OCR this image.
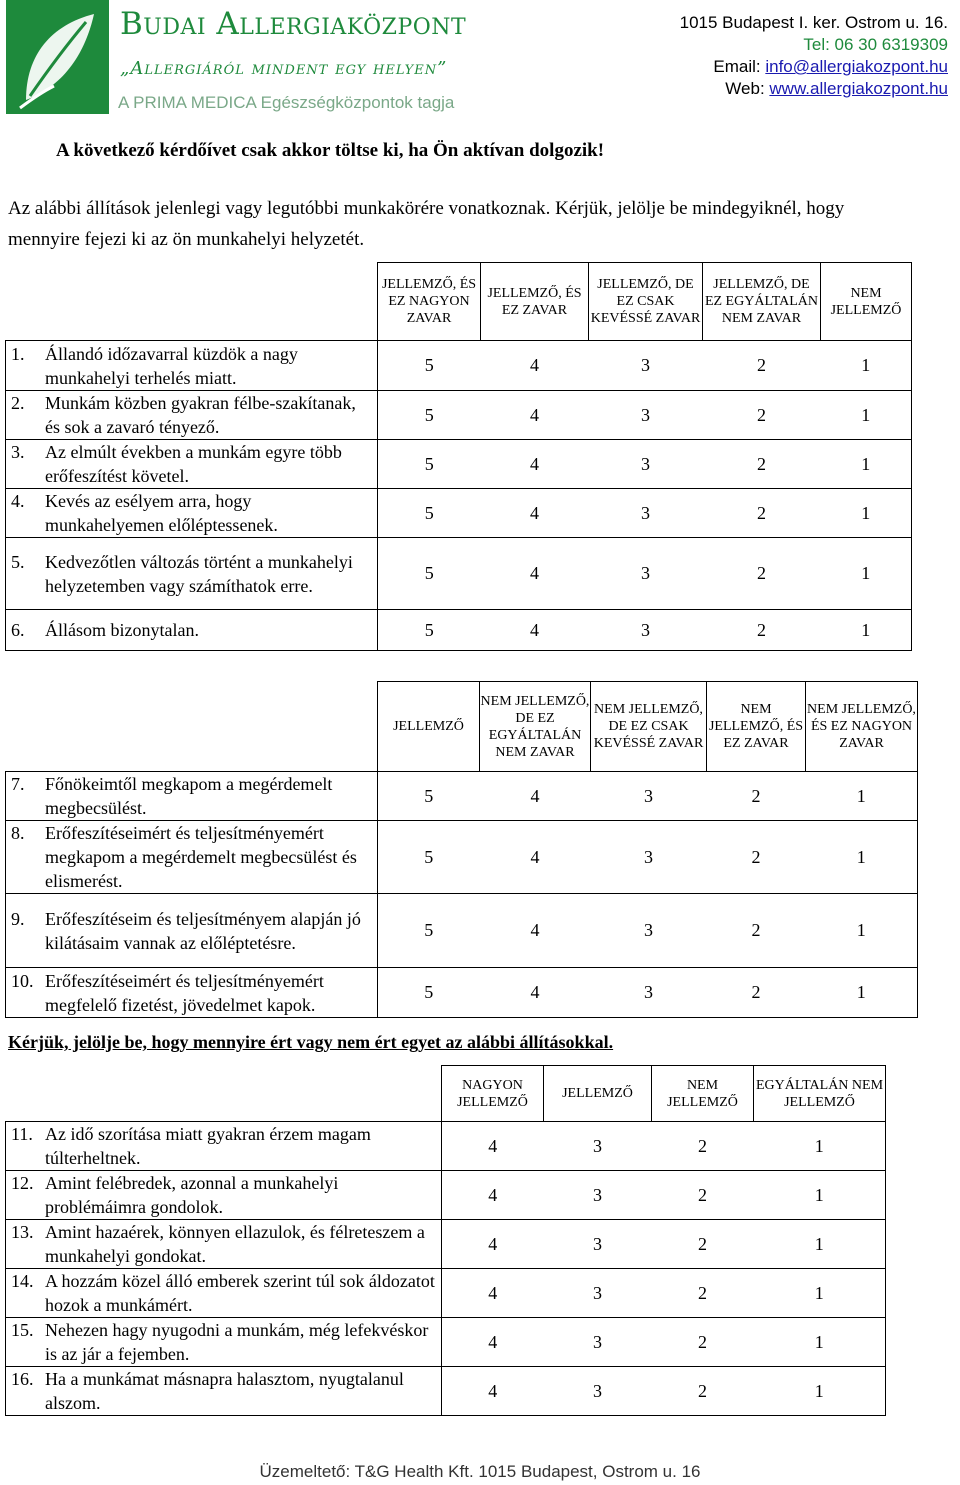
Budai Allergiaközpont
„Allergiáról mindent egy helyen”
A PRIMA MEDICA Egészségközpontok tagja
1015 Budapest I. ker. Ostrom u. 16.
Tel: 06 30 6319309
Email: info@allergiakozpont.hu
Web: www.allergiakozpont.hu
A következő kérdőívet csak akkor töltse ki, ha Ön aktívan dolgozik!
Az alábbi állítások jelenlegi vagy legutóbbi munkakörére vonatkoznak. Kérjük, jelölje be mindegyiknél, hogy mennyire fejezi ki az ön munkahelyi helyzetét.
	JELLEMZŐ, ÉS EZ NAGYON ZAVAR	JELLEMZŐ, ÉS EZ ZAVAR	JELLEMZŐ, DE EZ CSAK KEVÉSSÉ ZAVAR	JELLEMZŐ, DE EZ EGYÁLTALÁN NEM ZAVAR	NEM JELLEMZŐ

1. Állandó időzavarral küzdök a nagy munkahelyi terhelés miatt.	5	4	3	2	1

2. Munkám közben gyakran félbe-szakítanak, és sok a zavaró tényező.	5	4	3	2	1

3. Az elmúlt években a munkám egyre több erőfeszítést követel.	5	4	3	2	1

4. Kevés az esélyem arra, hogy munkahelyemen előléptessenek.	5	4	3	2	1

5. Kedvezőtlen változás történt a munkahelyi helyzetemben vagy számíthatok erre.	5	4	3	2	1

6. Állásom bizonytalan.	5	4	3	2	1
	JELLEMZŐ	NEM JELLEMZŐ, DE EZ EGYÁLTALÁN NEM ZAVAR	NEM JELLEMZŐ, DE EZ CSAK KEVÉSSÉ ZAVAR	NEM JELLEMZŐ, ÉS EZ ZAVAR	NEM JELLEMZŐ, ÉS EZ NAGYON ZAVAR

7. Főnökeimtől megkapom a megérdemelt megbecsülést.	5	4	3	2	1

8. Erőfeszítéseimért és teljesítményemért megkapom a megérdemelt megbecsülést és elismerést.	5	4	3	2	1

9. Erőfeszítéseim és teljesítményem alapján jó kilátásaim vannak az előléptetésre.	5	4	3	2	1

10. Erőfeszítéseimért és teljesítményemért megfelelő fizetést, jövedelmet kapok.	5	4	3	2	1
Kérjük, jelölje be, hogy mennyire ért vagy nem ért egyet az alábbi állításokkal.
	NAGYON JELLEMZŐ	JELLEMZŐ	NEM JELLEMZŐ	EGYÁLTALÁN NEM JELLEMZŐ

11. Az idő szorítása miatt gyakran érzem magam túlterheltnek.	4	3	2	1

12. Amint felébredek, azonnal a munkahelyi problémáimra gondolok.	4	3	2	1

13. Amint hazaérek, könnyen ellazulok, és félreteszem a munkahelyi gondokat.	4	3	2	1

14. A hozzám közel álló emberek szerint túl sok áldozatot hozok a munkámért.	4	3	2	1

15. Nehezen hagy nyugodni a munkám, még lefekvéskor is az jár a fejemben.	4	3	2	1

16. Ha a munkámat másnapra halasztom, nyugtalanul alszom.	4	3	2	1
Üzemeltető: T&G Health Kft. 1015 Budapest, Ostrom u. 16
